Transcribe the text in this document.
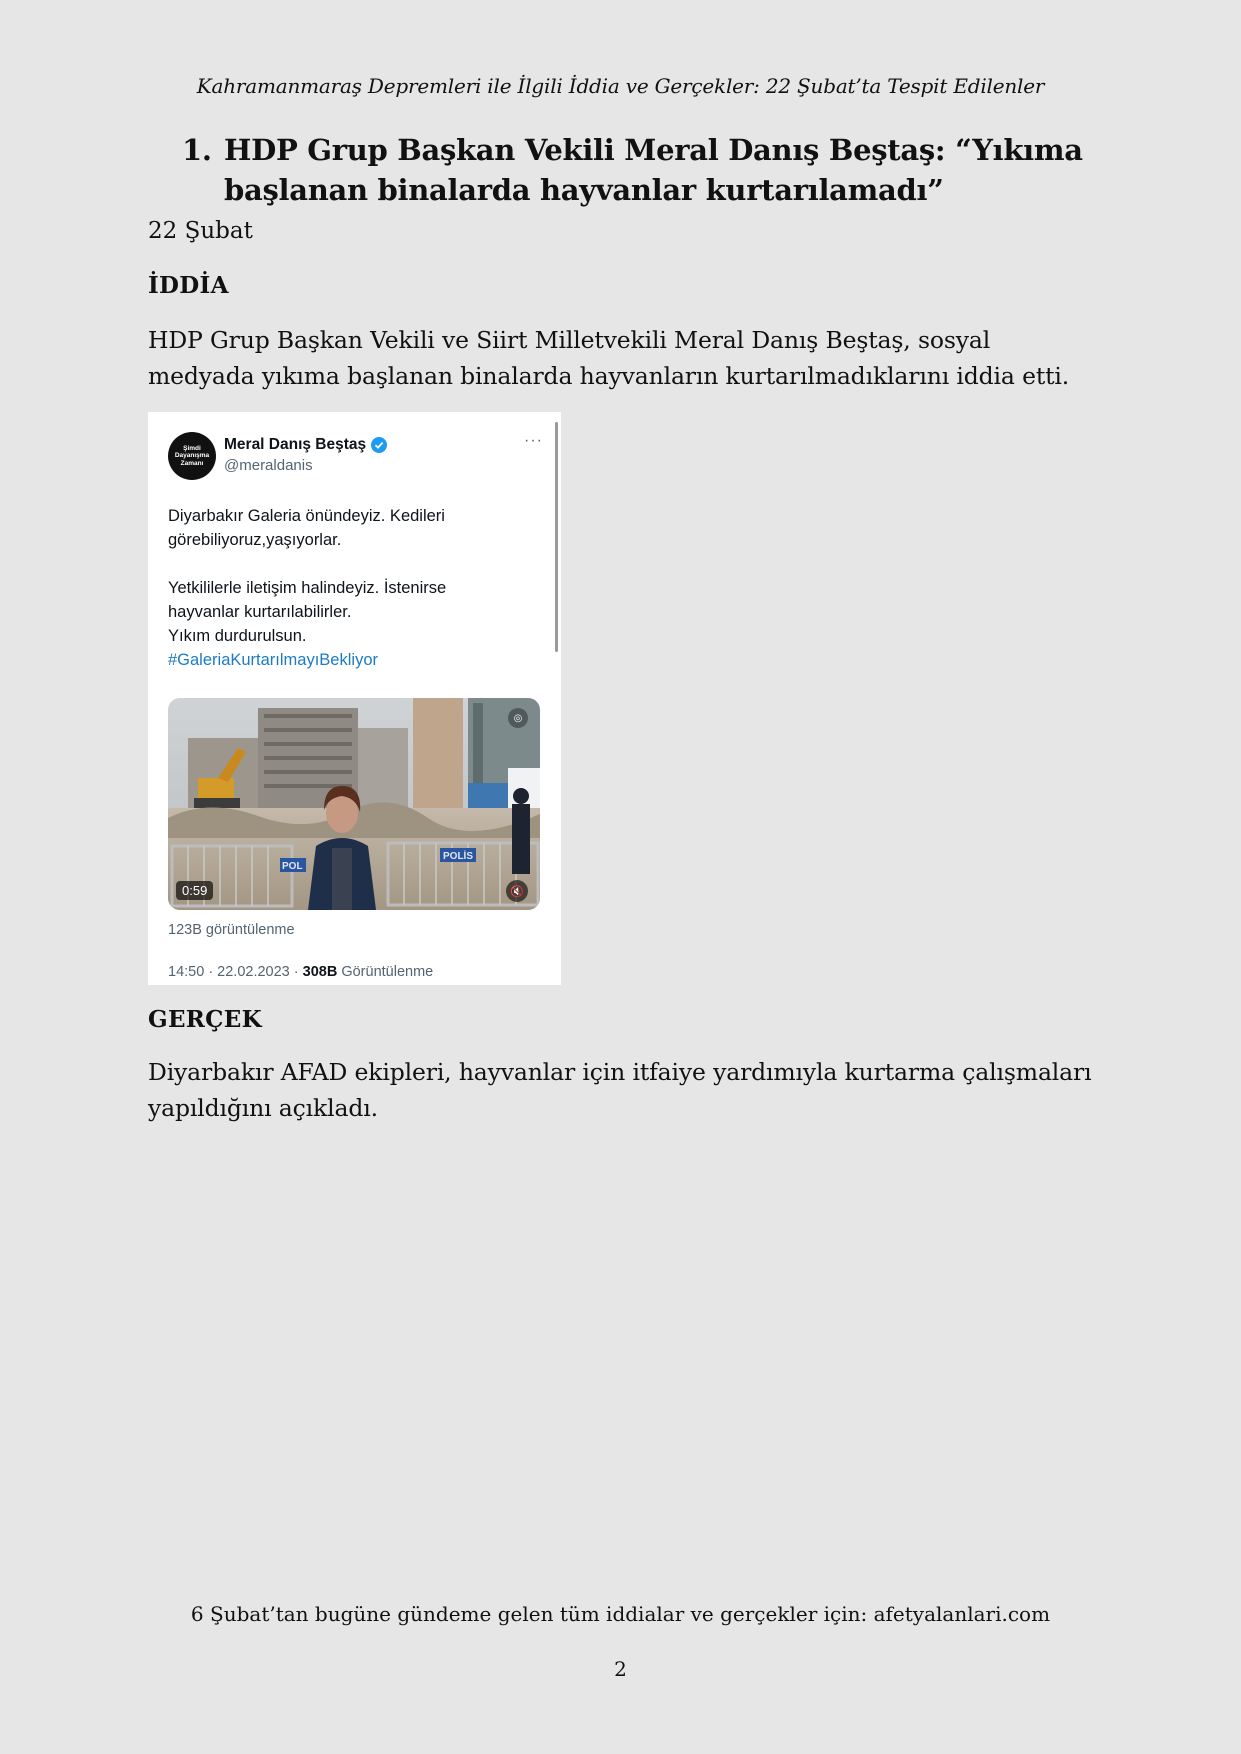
Kahramanmaraş Depremleri ile İlgili İddia ve Gerçekler: 22 Şubat’ta Tespit Edilenler
1. HDP Grup Başkan Vekili Meral Danış Beştaş: “Yıkıma başlanan binalarda hayvanlar kurtarılamadı”
22 Şubat
İDDİA
HDP Grup Başkan Vekili ve Siirt Milletvekili Meral Danış Beştaş, sosyal medyada yıkıma başlanan binalarda hayvanların kurtarılmadıklarını iddia etti.
Şimdi
Dayanışma
Zamanı
Meral Danış Beştaş
@meraldanis
···

Diyarbakır Galeria önündeyiz. Kedileri

görebiliyoruz,yaşıyorlar.

Yetkililerle iletişim halindeyiz. İstenirse

hayvanlar kurtarılabilirler.

Yıkım durdurulsun.

#GaleriaKurtarılmayıBekliyor

POL
POLİS
◎
0:59	🔇
123B görüntülenme
14:50 · 22.02.2023 · 308B Görüntülenme
GERÇEK
Diyarbakır AFAD ekipleri, hayvanlar için itfaiye yardımıyla kurtarma çalışmaları yapıldığını açıkladı.
6 Şubat’tan bugüne gündeme gelen tüm iddialar ve gerçekler için: afetyalanlari.com
2
